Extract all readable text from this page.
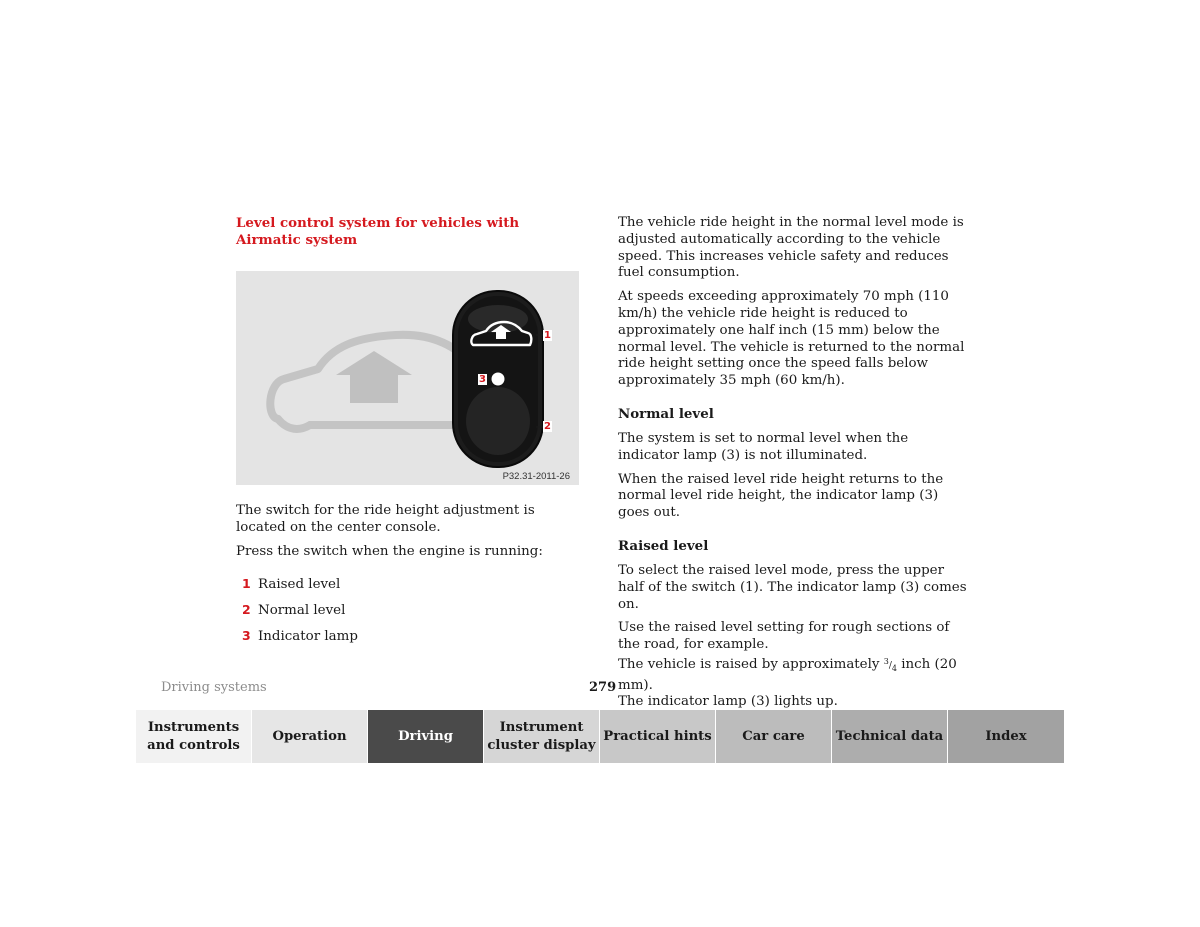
Level control system for vehicles with
Airmatic system
1
2
3
P32.31-2011-26

The switch for the ride height adjustment is located on the center console.

Press the switch when the engine is running:

1 Raised level
2 Normal level
3 Indicator lamp

The vehicle ride height in the normal level mode is adjusted automatically according to the vehicle speed. This increases vehicle safety and reduces fuel consumption.

At speeds exceeding approximately 70 mph (110 km/h) the vehicle ride height is reduced to approximately one half inch (15 mm) below the normal level. The vehicle is returned to the normal ride height setting once the speed falls below approximately 35 mph (60 km/h).

Normal level

The system is set to normal level when the indicator lamp (3) is not illuminated.

When the raised level ride height returns to the normal level ride height, the indicator lamp (3) goes out.

Raised level

To select the raised level mode, press the upper half of the switch (1). The indicator lamp (3) comes on.

Use the raised level setting for rough sections of the road, for example.

The vehicle is raised by approximately $^3/_4$ inch (20 mm).

The indicator lamp (3) lights up.

Driving systems	279
Instruments and controls
Operation	Driving
Instrument cluster display
Practical hints	Car care	Technical data	Index
